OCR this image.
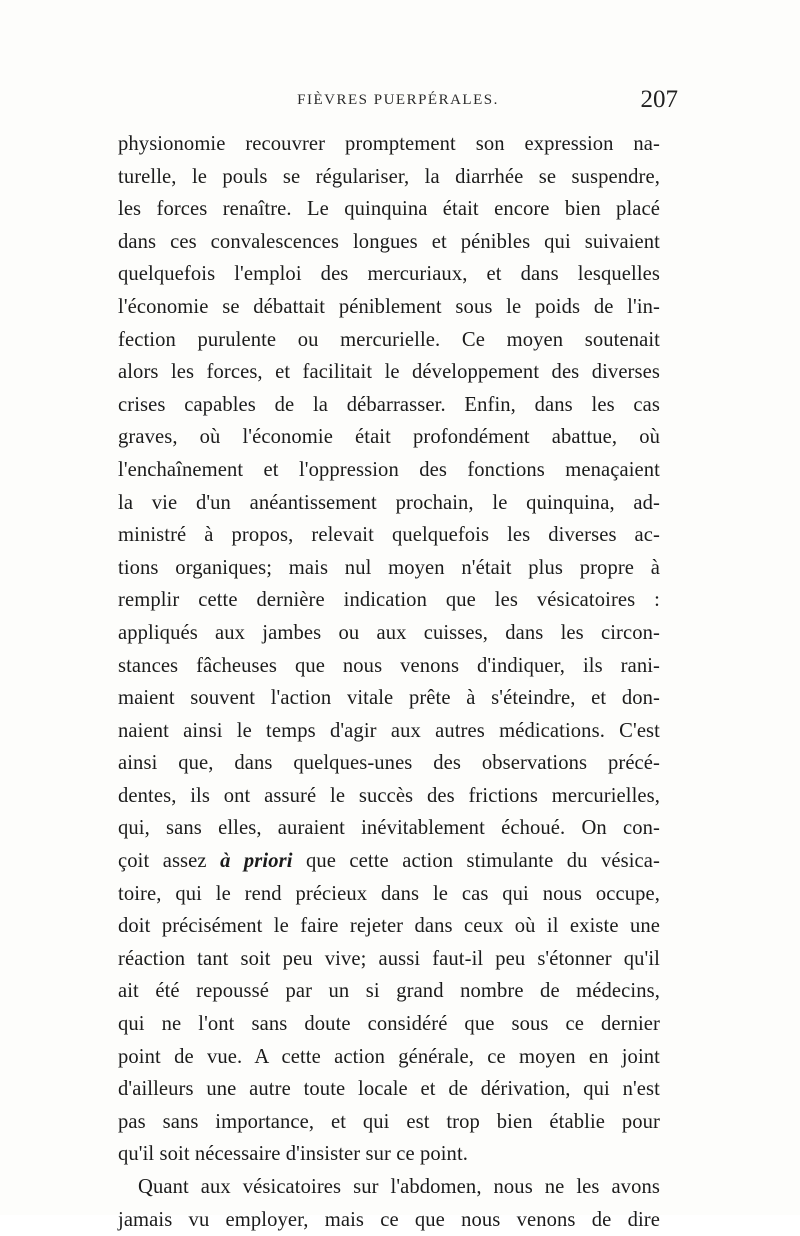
FIÈVRES PUERPÉRALES.	207
physionomie recouvrer promptement son expression na-
turelle, le pouls se régulariser, la diarrhée se suspendre,
les forces renaître. Le quinquina était encore bien placé
dans ces convalescences longues et pénibles qui suivaient
quelquefois l'emploi des mercuriaux, et dans lesquelles
l'économie se débattait péniblement sous le poids de l'in-
fection purulente ou mercurielle. Ce moyen soutenait
alors les forces, et facilitait le développement des diverses
crises capables de la débarrasser. Enfin, dans les cas
graves, où l'économie était profondément abattue, où
l'enchaînement et l'oppression des fonctions menaçaient
la vie d'un anéantissement prochain, le quinquina, ad-
ministré à propos, relevait quelquefois les diverses ac-
tions organiques; mais nul moyen n'était plus propre à
remplir cette dernière indication que les vésicatoires :
appliqués aux jambes ou aux cuisses, dans les circon-
stances fâcheuses que nous venons d'indiquer, ils rani-
maient souvent l'action vitale prête à s'éteindre, et don-
naient ainsi le temps d'agir aux autres médications. C'est
ainsi que, dans quelques-unes des observations précé-
dentes, ils ont assuré le succès des frictions mercurielles,
qui, sans elles, auraient inévitablement échoué. On con-
çoit assez à priori que cette action stimulante du vésica-
toire, qui le rend précieux dans le cas qui nous occupe,
doit précisément le faire rejeter dans ceux où il existe une
réaction tant soit peu vive; aussi faut-il peu s'étonner qu'il
ait été repoussé par un si grand nombre de médecins,
qui ne l'ont sans doute considéré que sous ce dernier
point de vue. A cette action générale, ce moyen en joint
d'ailleurs une autre toute locale et de dérivation, qui n'est
pas sans importance, et qui est trop bien établie pour
qu'il soit nécessaire d'insister sur ce point.
Quant aux vésicatoires sur l'abdomen, nous ne les avons
jamais vu employer, mais ce que nous venons de dire
